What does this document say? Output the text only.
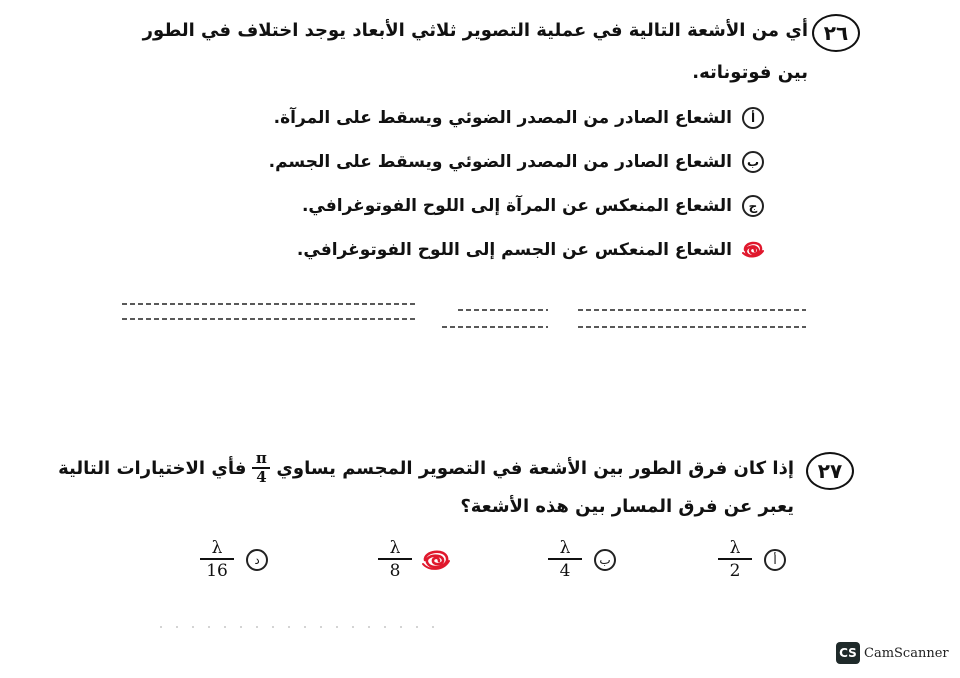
٢٦
أي من الأشعة التالية في عملية التصوير ثلاثي الأبعاد يوجد اختلاف في الطور
بين فوتوناته.
أ
الشعاع الصادر من المصدر الضوئي ويسقط على المرآة.
ب
الشعاع الصادر من المصدر الضوئي ويسقط على الجسم.
ج
الشعاع المنعكس عن المرآة إلى اللوح الفوتوغرافي.
الشعاع المنعكس عن الجسم إلى اللوح الفوتوغرافي.
٢٧
إذا كان فرق الطور بين الأشعة في التصوير المجسم يساوي
$\frac{\pi}{4}$
فأي الاختيارات التالية
يعبر عن فرق المسار بين هذه الأشعة؟
أ
$\frac{\lambda}{2}$
ب
$\frac{\lambda}{4}$
$\frac{\lambda}{8}$
د
$\frac{\lambda}{16}$
CS CamScanner
